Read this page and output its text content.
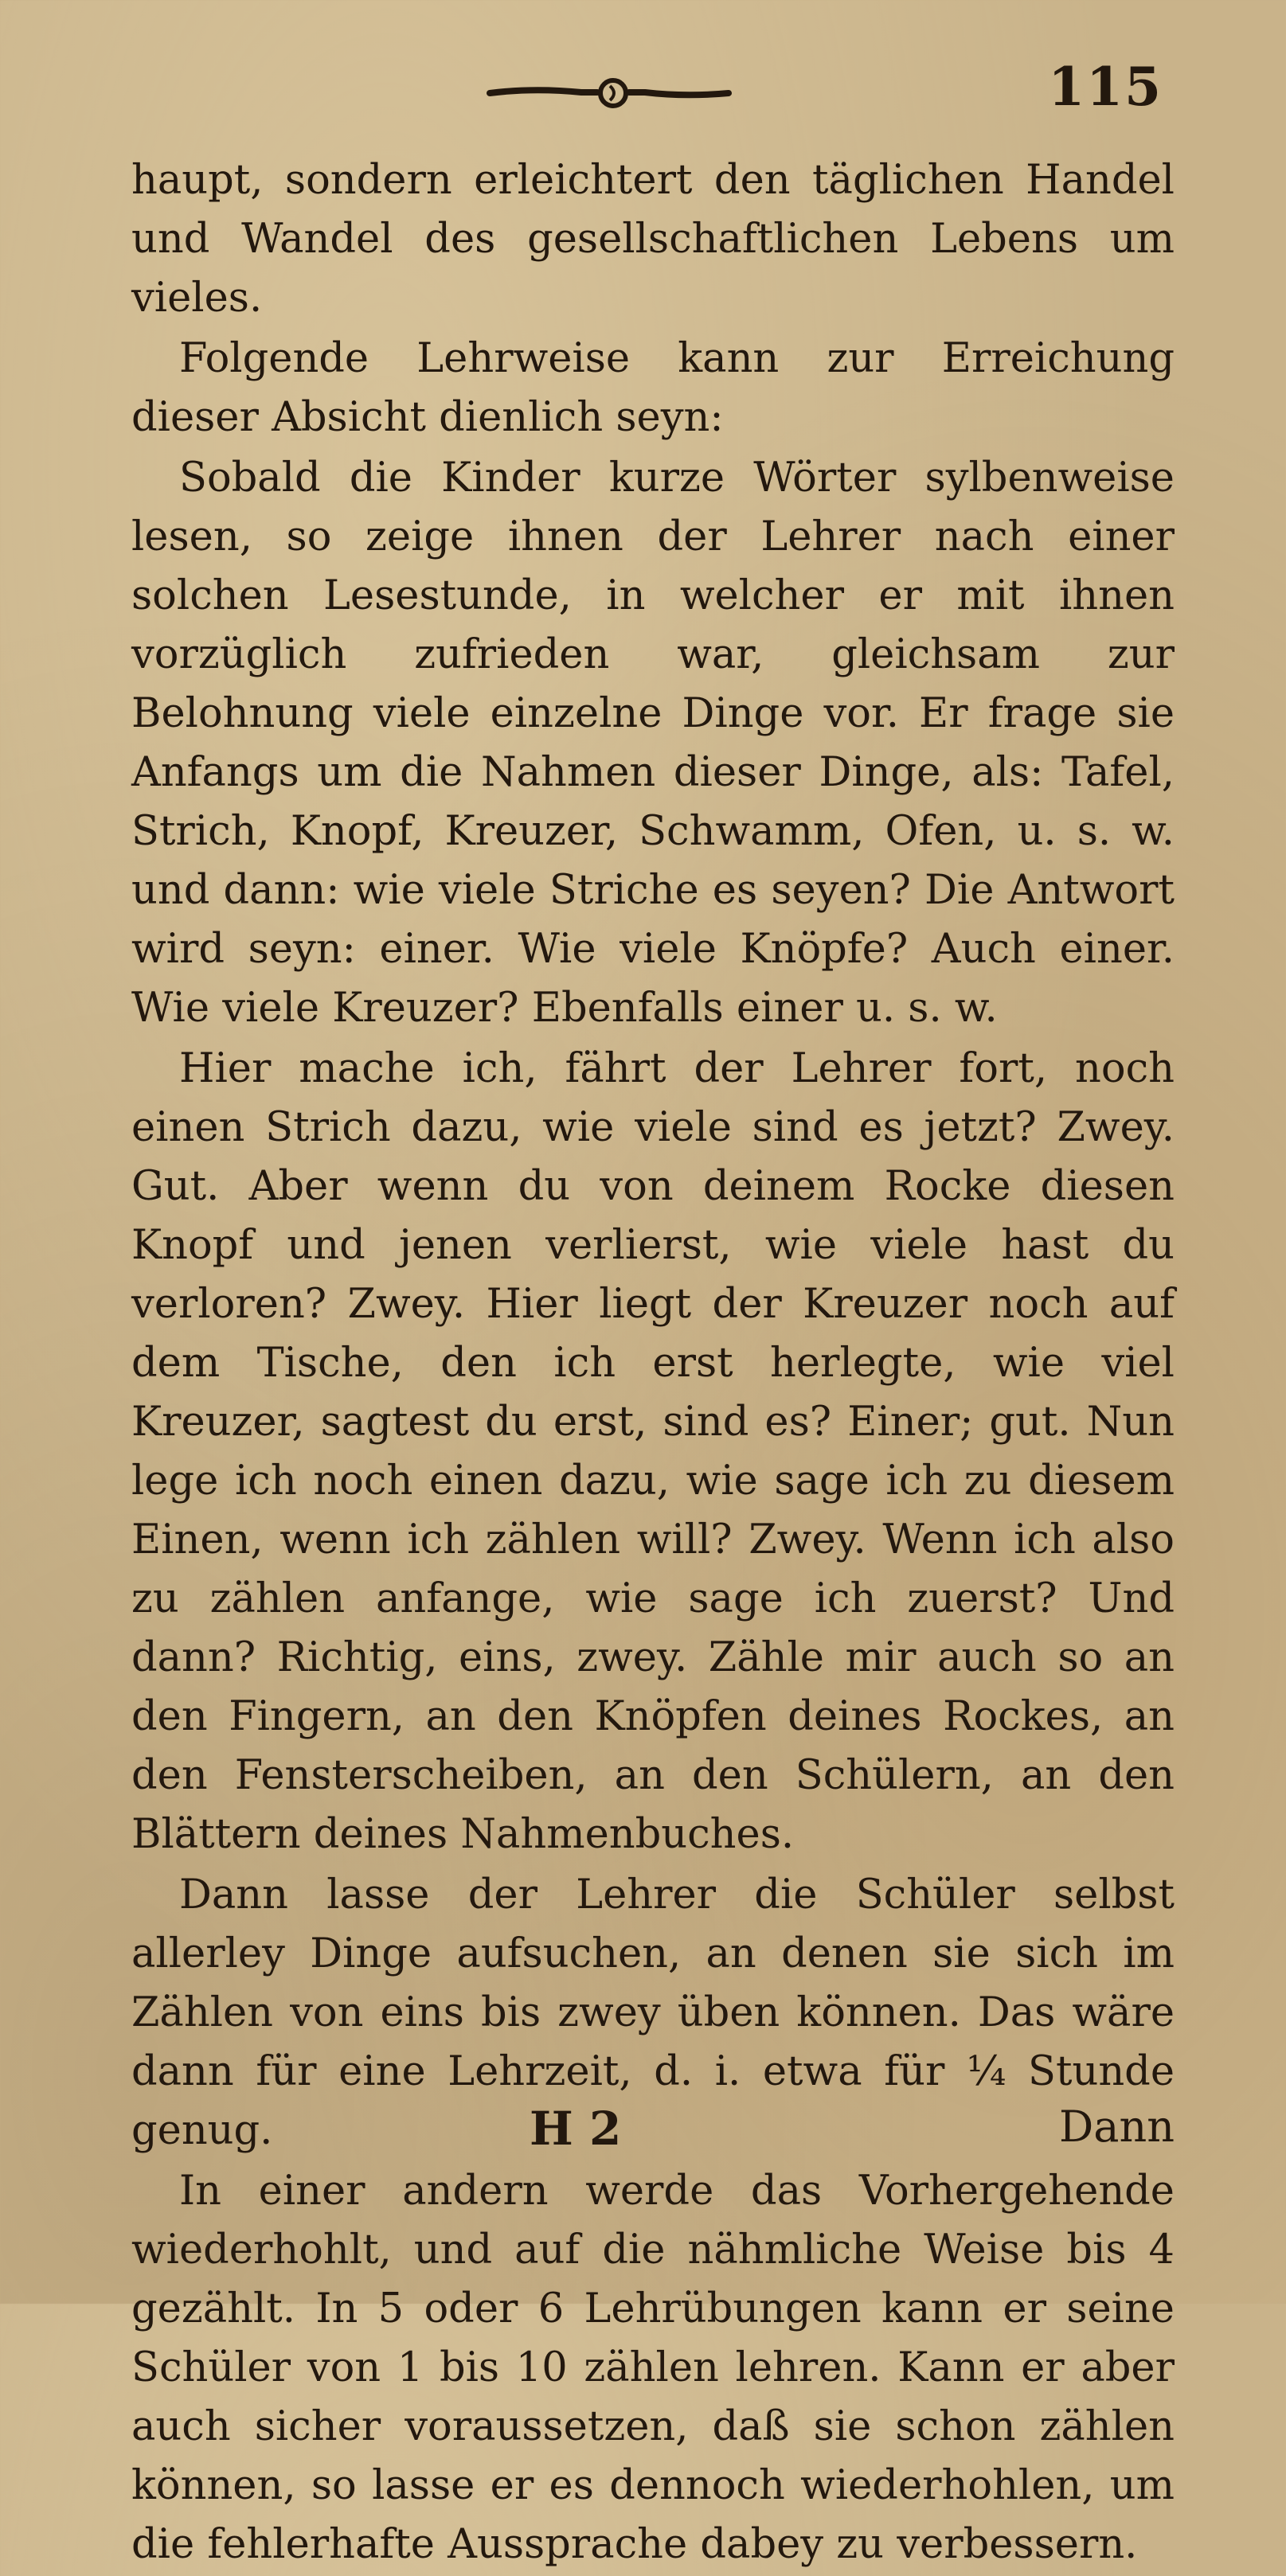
115

haupt, sondern erleichtert den täglichen Handel und Wandel des gesellschaftlichen Lebens um vieles.

Folgende Lehrweise kann zur Erreichung dieser Absicht dienlich seyn:

Sobald die Kinder kurze Wörter sylbenweise lesen, so zeige ihnen der Lehrer nach einer solchen Lesestunde, in welcher er mit ihnen vorzüglich zufrieden war, gleichsam zur Belohnung viele einzelne Dinge vor. Er frage sie Anfangs um die Nahmen dieser Dinge, als: Tafel, Strich, Knopf, Kreuzer, Schwamm, Ofen, u. s. w. und dann: wie viele Striche es seyen? Die Antwort wird seyn: einer. Wie viele Knöpfe? Auch einer. Wie viele Kreuzer? Ebenfalls einer u. s. w.

Hier mache ich, fährt der Lehrer fort, noch einen Strich dazu, wie viele sind es jetzt? Zwey. Gut. Aber wenn du von deinem Rocke diesen Knopf und jenen verlierst, wie viele hast du verloren? Zwey. Hier liegt der Kreuzer noch auf dem Tische, den ich erst herlegte, wie viel Kreuzer, sagtest du erst, sind es? Einer; gut. Nun lege ich noch einen dazu, wie sage ich zu diesem Einen, wenn ich zählen will? Zwey. Wenn ich also zu zählen anfange, wie sage ich zuerst? Und dann? Richtig, eins, zwey. Zähle mir auch so an den Fingern, an den Knöpfen deines Rockes, an den Fensterscheiben, an den Schülern, an den Blättern deines Nahmenbuches.

Dann lasse der Lehrer die Schüler selbst allerley Dinge aufsuchen, an denen sie sich im Zählen von eins bis zwey üben können. Das wäre dann für eine Lehrzeit, d. i. etwa für ¼ Stunde genug.

In einer andern werde das Vorhergehende wiederhohlt, und auf die nähmliche Weise bis 4 gezählt. In 5 oder 6 Lehrübungen kann er seine Schüler von 1 bis 10 zählen lehren. Kann er aber auch sicher voraussetzen, daß sie schon zählen können, so lasse er es dennoch wiederhohlen, um die fehlerhafte Aussprache dabey zu verbessern.

H 2	Dann
